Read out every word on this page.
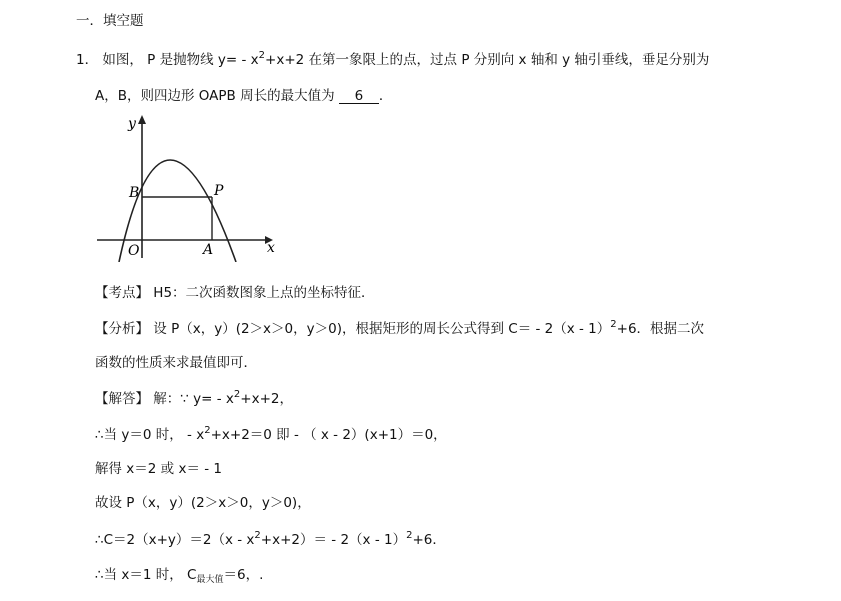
一．填空题
1． 如图， P 是抛物线 $y= - x^2+x+2$ 在第一象限上的点，过点 P 分别向 x 轴和 y 轴引垂线，垂足分别为
A，B，则四边形 OAPB 周长的最大值为 6 ．
y
x
O	A
B	P
【考点】 H5：二次函数图象上点的坐标特征．
【分析】 设 P（x，y）(2＞x＞0，y＞0)，根据矩形的周长公式得到 C＝ - 2（x - 1）$^2$+6．根据二次
函数的性质来求最值即可．
【解答】 解：∵ $y= - x^2+x+2$，
∴当 y＝0 时， - $x^2+x+2=0$ 即 - （ x - 2）(x+1）＝0，
解得 x＝2 或 x＝ - 1
故设 P（x，y）(2＞x＞0，y＞0)，
∴C＝2（x+y）＝2（x - $x^2+x+2)= - 2(x - 1)^2+6$．
∴当 x＝1 时， $C_{最大值}=6$，.
